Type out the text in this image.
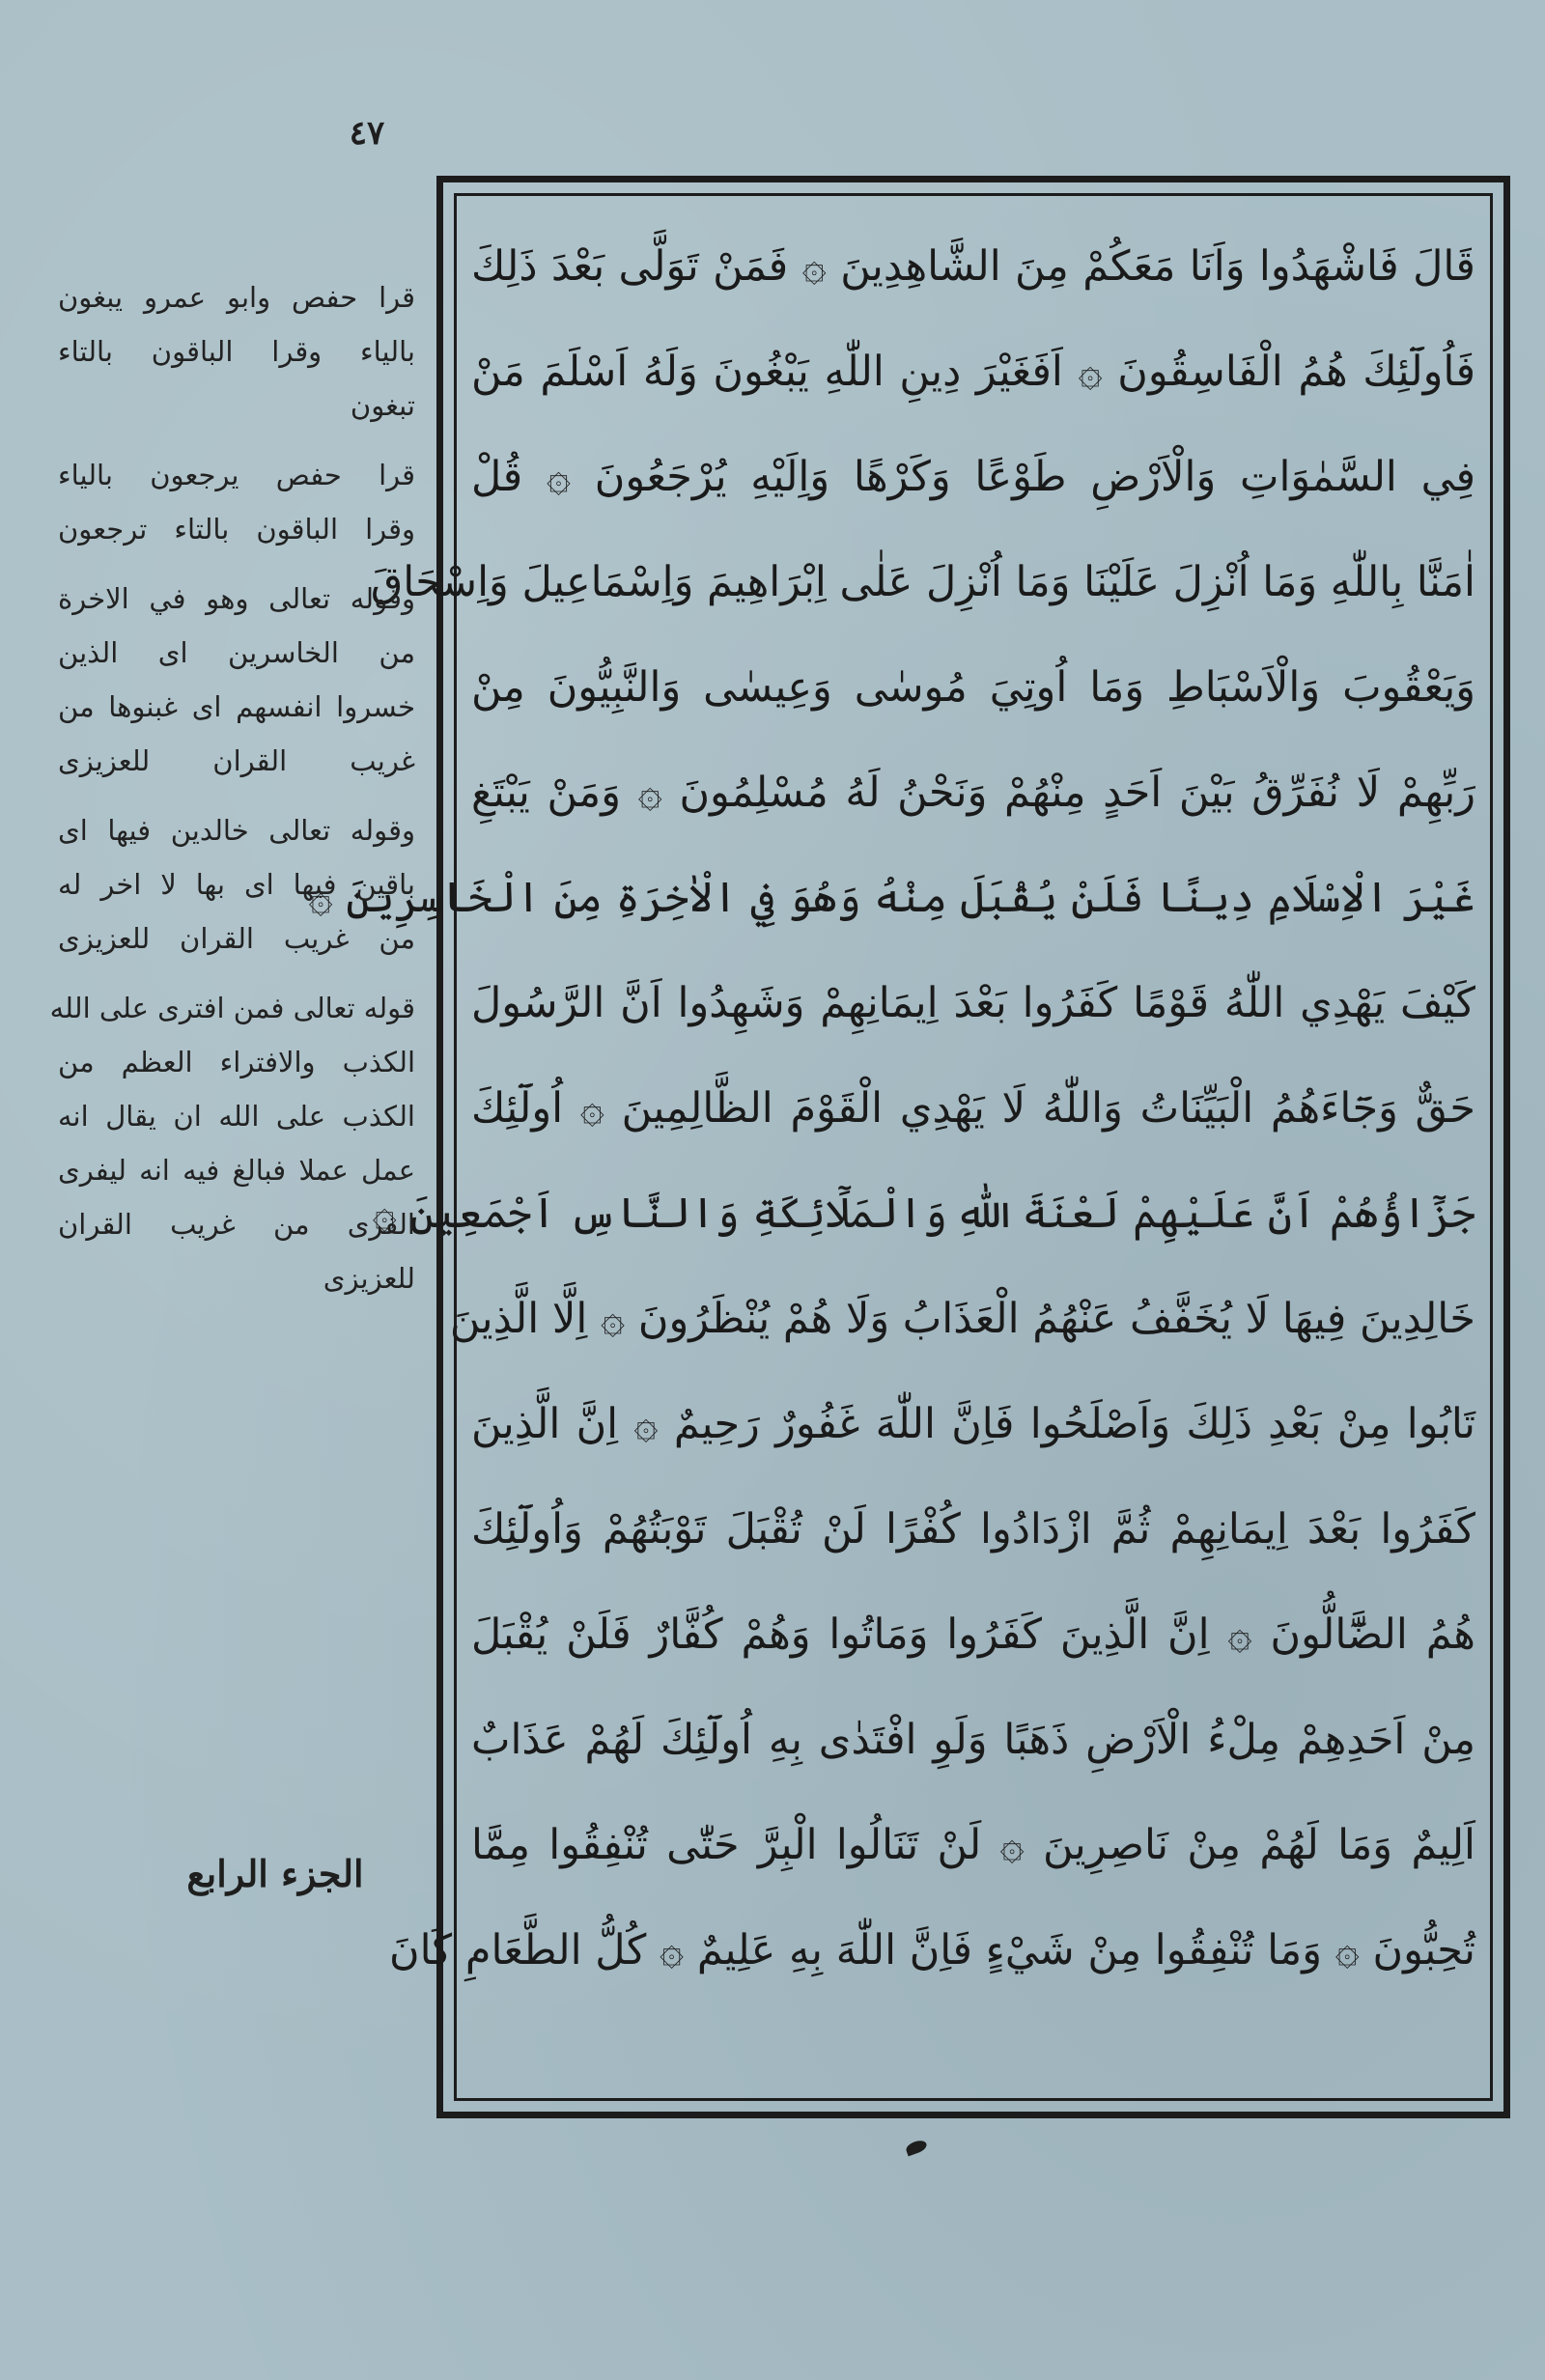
٤٧

قَالَ فَاشْهَدُوا وَاَنَا مَعَكُمْ مِنَ الشَّاهِدِينَ ۞ فَمَنْ تَوَلَّى بَعْدَ ذَلِكَ

فَاُولَٓئِكَ هُمُ الْفَاسِقُونَ ۞ اَفَغَيْرَ دِينِ اللّٰهِ يَبْغُونَ وَلَهُ اَسْلَمَ مَنْ

فِي السَّمٰوَاتِ وَالْاَرْضِ طَوْعًا وَكَرْهًا وَاِلَيْهِ يُرْجَعُونَ ۞ قُلْ

اٰمَنَّا بِاللّٰهِ وَمَا اُنْزِلَ عَلَيْنَا وَمَا اُنْزِلَ عَلٰى اِبْرَاهِيمَ وَاِسْمَاعِيلَ وَاِسْحَاقَ

وَيَعْقُوبَ وَالْاَسْبَاطِ وَمَا اُوتِيَ مُوسٰى وَعِيسٰى وَالنَّبِيُّونَ مِنْ

رَبِّهِمْ لَا نُفَرِّقُ بَيْنَ اَحَدٍ مِنْهُمْ وَنَحْنُ لَهُ مُسْلِمُونَ ۞ وَمَنْ يَبْتَغِ

غَيْرَ الْاِسْلَامِ دِينًا فَلَنْ يُقْبَلَ مِنْهُ وَهُوَ فِي الْاٰخِرَةِ مِنَ الْخَاسِرِينَ ۞

كَيْفَ يَهْدِي اللّٰهُ قَوْمًا كَفَرُوا بَعْدَ اِيمَانِهِمْ وَشَهِدُوا اَنَّ الرَّسُولَ

حَقٌّ وَجَٓاءَهُمُ الْبَيِّنَاتُ وَاللّٰهُ لَا يَهْدِي الْقَوْمَ الظَّالِمِينَ ۞ اُولَٓئِكَ

جَزَٓاؤُهُمْ اَنَّ عَلَيْهِمْ لَعْنَةَ اللّٰهِ وَالْمَلَٓائِكَةِ وَالنَّاسِ اَجْمَعِينَ ۞

خَالِدِينَ فِيهَا لَا يُخَفَّفُ عَنْهُمُ الْعَذَابُ وَلَا هُمْ يُنْظَرُونَ ۞ اِلَّا الَّذِينَ

تَابُوا مِنْ بَعْدِ ذَلِكَ وَاَصْلَحُوا فَاِنَّ اللّٰهَ غَفُورٌ رَحِيمٌ ۞ اِنَّ الَّذِينَ

كَفَرُوا بَعْدَ اِيمَانِهِمْ ثُمَّ ازْدَادُوا كُفْرًا لَنْ تُقْبَلَ تَوْبَتُهُمْ وَاُولَٓئِكَ

هُمُ الضَّٓالُّونَ ۞ اِنَّ الَّذِينَ كَفَرُوا وَمَاتُوا وَهُمْ كُفَّارٌ فَلَنْ يُقْبَلَ

مِنْ اَحَدِهِمْ مِلْءُ الْاَرْضِ ذَهَبًا وَلَوِ افْتَدٰى بِهِ اُولَٓئِكَ لَهُمْ عَذَابٌ

اَلِيمٌ وَمَا لَهُمْ مِنْ نَاصِرِينَ ۞ لَنْ تَنَالُوا الْبِرَّ حَتّٰى تُنْفِقُوا مِمَّا

تُحِبُّونَ ۞ وَمَا تُنْفِقُوا مِنْ شَيْءٍ فَاِنَّ اللّٰهَ بِهِ عَلِيمٌ ۞ كُلُّ الطَّعَامِ كَانَ

قرا حفص وابو عمرو يبغون

بالياء وقرا الباقون بالتاء

تبغون

قرا حفص يرجعون بالياء

وقرا الباقون بالتاء ترجعون

وقوله تعالى وهو في الاخرة

من الخاسرين اى الذين

خسروا انفسهم اى غبنوها من

غريب القران للعزيزى

وقوله تعالى خالدين فيها اى

باقين فيها اى بها لا اخر له

من غريب القران للعزيزى

قوله تعالى فمن افترى على الله

الكذب والافتراء العظم من

الكذب على الله ان يقال انه

عمل عملا فبالغ فيه انه ليفرى

الفرى من غريب القران

للعزيزى

الجزء الرابع
